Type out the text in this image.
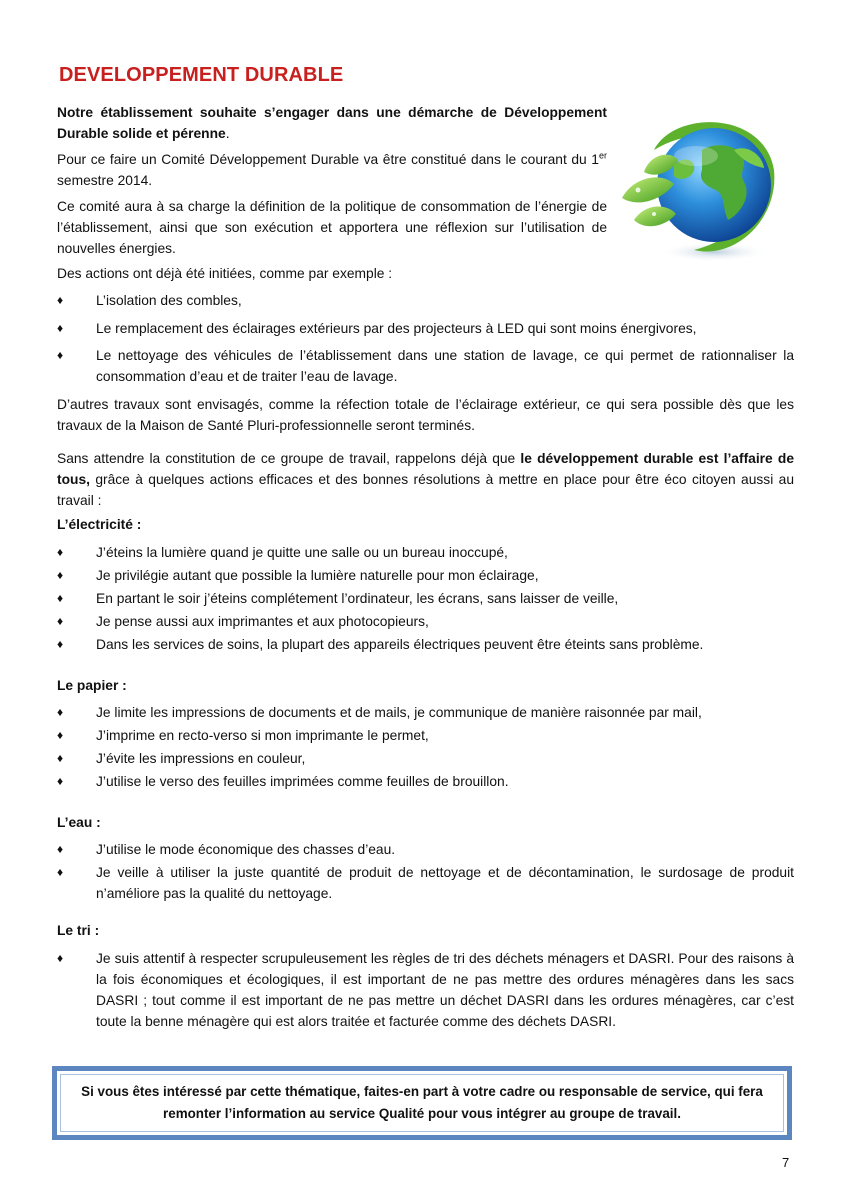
DEVELOPPEMENT DURABLE

Notre établissement souhaite s’engager dans une démarche de Développement Durable solide et pérenne.

Pour ce faire un Comité Développement Durable va être constitué dans le courant du 1er semestre 2014.

Ce comité aura à sa charge la définition de la politique de consommation de l’énergie de l’établissement, ainsi que son exécution et apportera une réflexion sur l’utilisation de nouvelles énergies.

Des actions ont déjà été initiées, comme par exemple :

♦	L’isolation des combles,
♦	Le remplacement des éclairages extérieurs par des projecteurs à LED qui sont moins énergivores,
♦	Le nettoyage des véhicules de l’établissement dans une station de lavage, ce qui permet de rationnaliser la consommation d’eau et de traiter l’eau de lavage.

D’autres travaux sont envisagés, comme la réfection totale de l’éclairage extérieur, ce qui sera possible dès que les travaux de la Maison de Santé Pluri-professionnelle seront terminés.

Sans attendre la constitution de ce groupe de travail, rappelons déjà que le développement durable est l’affaire de tous, grâce à quelques actions efficaces et des bonnes résolutions à mettre en place pour être éco citoyen aussi au travail :

L’électricité :

♦	J’éteins la lumière quand je quitte une salle ou un bureau inoccupé,
♦	Je privilégie autant que possible la lumière naturelle pour mon éclairage,
♦	En partant le soir j’éteins complétement l’ordinateur, les écrans, sans laisser de veille,
♦	Je pense aussi aux imprimantes et aux photocopieurs,
♦	Dans les services de soins, la plupart des appareils électriques peuvent être éteints sans problème.

Le papier :

♦	Je limite les impressions de documents et de mails, je communique de manière raisonnée par mail,
♦	J’imprime en recto-verso si mon imprimante le permet,
♦	J’évite les impressions en couleur,
♦	J’utilise le verso des feuilles imprimées comme feuilles de brouillon.

L’eau :

♦	J’utilise le mode économique des chasses d’eau.
♦	Je veille à utiliser la juste quantité de produit de nettoyage et de décontamination, le surdosage de produit n’améliore pas la qualité du nettoyage.

Le tri :

♦	Je suis attentif à respecter scrupuleusement les règles de tri des déchets ménagers et DASRI. Pour des raisons à la fois économiques et écologiques, il est important de ne pas mettre des ordures ménagères dans les sacs DASRI ; tout comme il est important de ne pas mettre un déchet DASRI dans les ordures ménagères, car c’est toute la benne ménagère qui est alors traitée et facturée comme des déchets DASRI.
Si vous êtes intéressé par cette thématique, faites-en part à votre cadre ou responsable de service, qui fera remonter l’information au service Qualité pour vous intégrer au groupe de travail.
7
